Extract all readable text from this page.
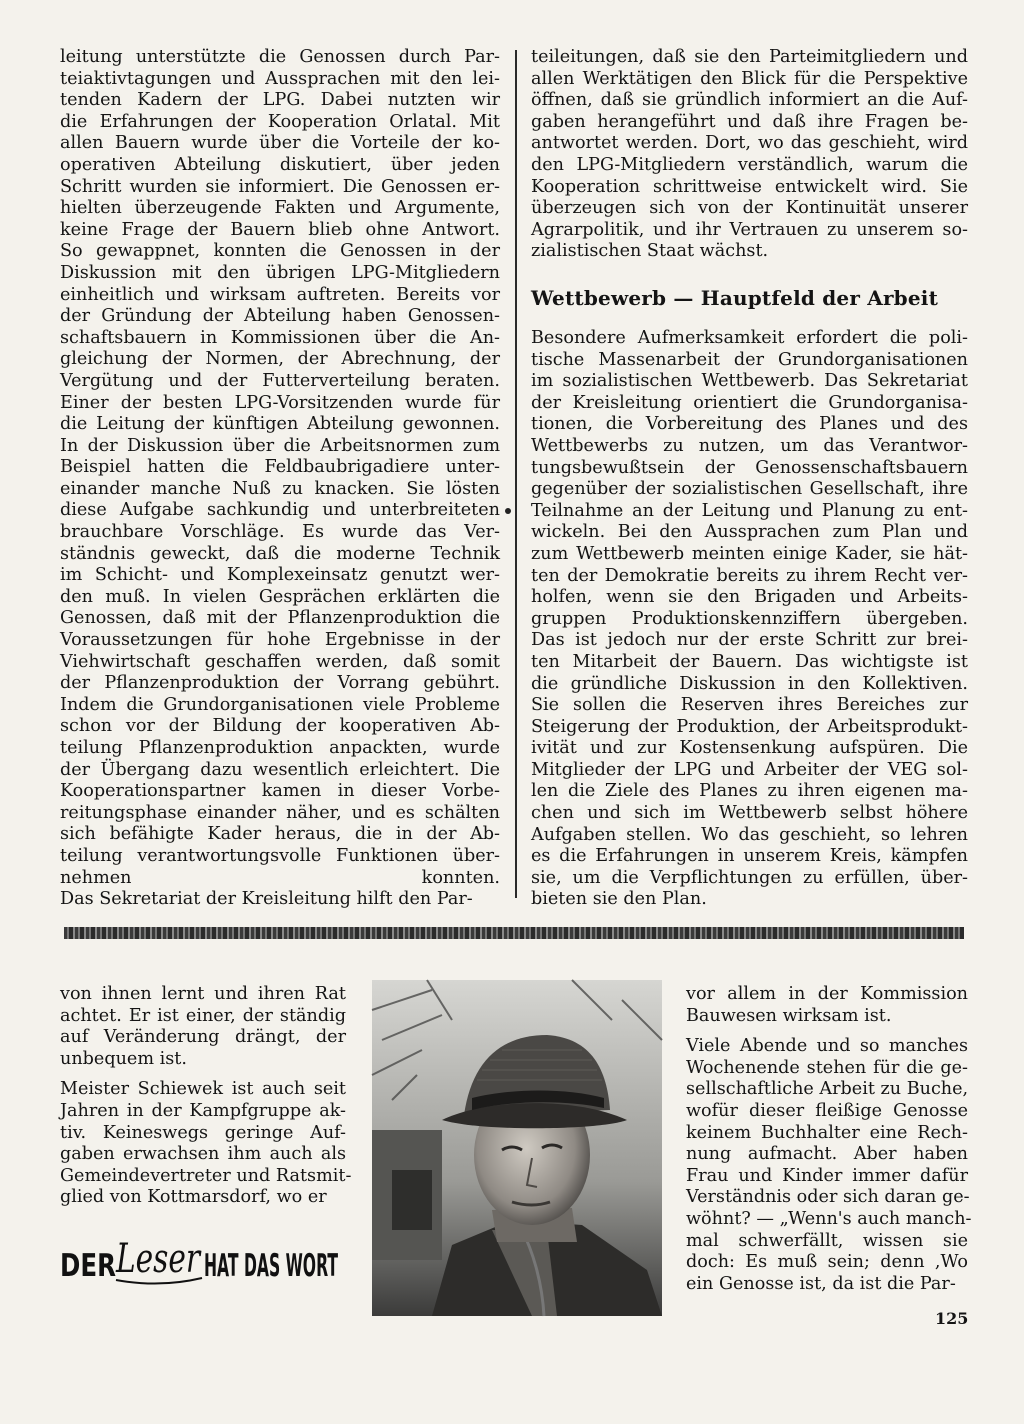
leitung unterstützte die Genossen durch Par-
teiaktivtagungen und Aussprachen mit den lei-
tenden Kadern der LPG. Dabei nutzten wir
die Erfahrungen der Kooperation Orlatal. Mit
allen Bauern wurde über die Vorteile der ko-
operativen Abteilung diskutiert, über jeden
Schritt wurden sie informiert. Die Genossen er-
hielten überzeugende Fakten und Argumente,
keine Frage der Bauern blieb ohne Antwort.
So gewappnet, konnten die Genossen in der
Diskussion mit den übrigen LPG-Mitgliedern
einheitlich und wirksam auftreten. Bereits vor
der Gründung der Abteilung haben Genossen-
schaftsbauern in Kommissionen über die An-
gleichung der Normen, der Abrechnung, der
Vergütung und der Futterverteilung beraten.
Einer der besten LPG-Vorsitzenden wurde für
die Leitung der künftigen Abteilung gewonnen.
In der Diskussion über die Arbeitsnormen zum
Beispiel hatten die Feldbaubrigadiere unter-
einander manche Nuß zu knacken. Sie lösten
diese Aufgabe sachkundig und unterbreiteten
brauchbare Vorschläge. Es wurde das Ver-
ständnis geweckt, daß die moderne Technik
im Schicht- und Komplexeinsatz genutzt wer-
den muß. In vielen Gesprächen erklärten die
Genossen, daß mit der Pflanzenproduktion die
Voraussetzungen für hohe Ergebnisse in der
Viehwirtschaft geschaffen werden, daß somit
der Pflanzenproduktion der Vorrang gebührt.
Indem die Grundorganisationen viele Probleme
schon vor der Bildung der kooperativen Ab-
teilung Pflanzenproduktion anpackten, wurde
der Übergang dazu wesentlich erleichtert. Die
Kooperationspartner kamen in dieser Vorbe-
reitungsphase einander näher, und es schälten
sich befähigte Kader heraus, die in der Ab-
teilung verantwortungsvolle Funktionen über-
nehmen konnten.
Das Sekretariat der Kreisleitung hilft den Par-
teileitungen, daß sie den Parteimitgliedern und
allen Werktätigen den Blick für die Perspektive
öffnen, daß sie gründlich informiert an die Auf-
gaben herangeführt und daß ihre Fragen be-
antwortet werden. Dort, wo das geschieht, wird
den LPG-Mitgliedern verständlich, warum die
Kooperation schrittweise entwickelt wird. Sie
überzeugen sich von der Kontinuität unserer
Agrarpolitik, und ihr Vertrauen zu unserem so-
zialistischen Staat wächst.
Wettbewerb — Hauptfeld der Arbeit
Besondere Aufmerksamkeit erfordert die poli-
tische Massenarbeit der Grundorganisationen
im sozialistischen Wettbewerb. Das Sekretariat
der Kreisleitung orientiert die Grundorganisa-
tionen, die Vorbereitung des Planes und des
Wettbewerbs zu nutzen, um das Verantwor-
tungsbewußtsein der Genossenschaftsbauern
gegenüber der sozialistischen Gesellschaft, ihre
Teilnahme an der Leitung und Planung zu ent-
wickeln. Bei den Aussprachen zum Plan und
zum Wettbewerb meinten einige Kader, sie hät-
ten der Demokratie bereits zu ihrem Recht ver-
holfen, wenn sie den Brigaden und Arbeits-
gruppen Produktionskennziffern übergeben.
Das ist jedoch nur der erste Schritt zur brei-
ten Mitarbeit der Bauern. Das wichtigste ist
die gründliche Diskussion in den Kollektiven.
Sie sollen die Reserven ihres Bereiches zur
Steigerung der Produktion, der Arbeitsprodukt-
ivität und zur Kostensenkung aufspüren. Die
Mitglieder der LPG und Arbeiter der VEG sol-
len die Ziele des Planes zu ihren eigenen ma-
chen und sich im Wettbewerb selbst höhere
Aufgaben stellen. Wo das geschieht, so lehren
es die Erfahrungen in unserem Kreis, kämpfen
sie, um die Verpflichtungen zu erfüllen, über-
bieten sie den Plan.
von ihnen lernt und ihren Rat
achtet. Er ist einer, der ständig
auf Veränderung drängt, der
unbequem ist.
Meister Schiewek ist auch seit
Jahren in der Kampfgruppe ak-
tiv. Keineswegs geringe Auf-
gaben erwachsen ihm auch als
Gemeindevertreter und Ratsmit-
glied von Kottmarsdorf, wo er
vor allem in der Kommission
Bauwesen wirksam ist.
Viele Abende und so manches
Wochenende stehen für die ge-
sellschaftliche Arbeit zu Buche,
wofür dieser fleißige Genosse
keinem Buchhalter eine Rech-
nung aufmacht. Aber haben
Frau und Kinder immer dafür
Verständnis oder sich daran ge-
wöhnt? — „Wenn's auch manch-
mal schwerfällt, wissen sie
doch: Es muß sein; denn ,Wo
ein Genosse ist, da ist die Par-
DER Leser HAT DAS WORT
125
